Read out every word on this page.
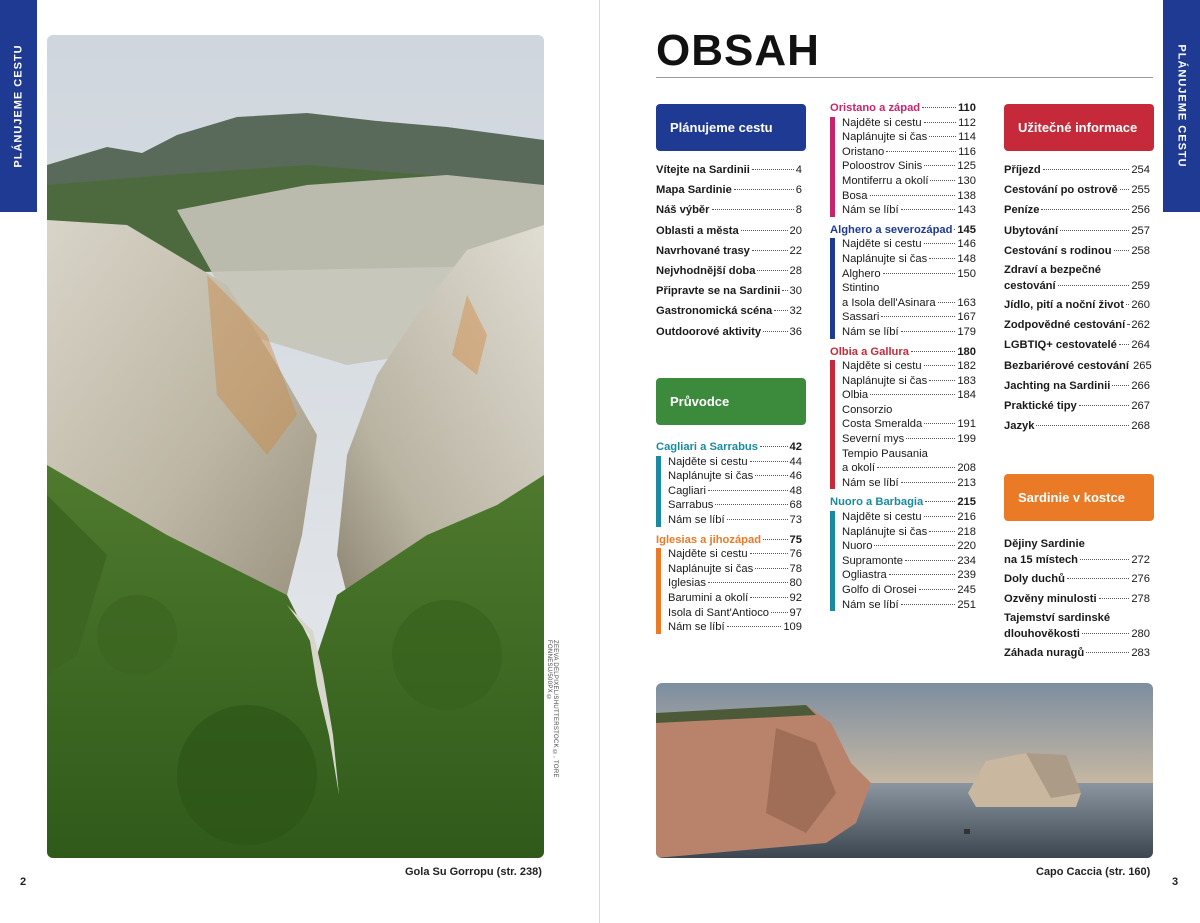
PLÁNUJEME CESTU	PLÁNUJEME CESTU
ZEEVA DELPIXEL/SHUTTERSTOCK ©, TORE FONNESU/500PX ©
Gola Su Gorropu (str. 238)
2
OBSAH
Plánujeme cestu
Vítejte na Sardinii	4
Mapa Sardinie	6
Náš výběr	8
Oblasti a města	20
Navrhované trasy	22
Nejvhodnější doba	28
Připravte se na Sardinii 30
Gastronomická scéna 32
Outdoorové aktivity	36
Průvodce
Cagliari a Sarrabus	42
Najděte si cestu	44
Naplánujte si čas	46
Cagliari	48
Sarrabus	68
Nám se líbí	73
Iglesias a jihozápad	75
Najděte si cestu	76
Naplánujte si čas	78
Iglesias	80
Barumini a okolí	92
Isola di Sant'Antioco 97
Nám se líbí	109
Oristano a západ	110
Najděte si cestu	112
Naplánujte si čas	114
Oristano	116
Poloostrov Sinis	125
Montiferru a okolí	130
Bosa	138
Nám se líbí	143
Alghero a severozápad 145
Najděte si cestu	146
Naplánujte si čas	148
Alghero	150
Stintino
a Isola dell'Asinara 163
Sassari	167
Nám se líbí	179
Olbia a Gallura	180
Najděte si cestu	182
Naplánujte si čas	183
Olbia	184
Consorzio
Costa Smeralda	191
Severní mys	199
Tempio Pausania
a okolí	208
Nám se líbí	213
Nuoro a Barbagia	215
Najděte si cestu	216
Naplánujte si čas	218
Nuoro	220
Supramonte	234
Ogliastra	239
Golfo di Orosei	245
Nám se líbí	251
Užitečné informace
Příjezd	254
Cestování po ostrově 255
Peníze	256
Ubytování	257
Cestování s rodinou 258
Zdraví a bezpečné
cestování	259
Jídlo, pití a noční život 260
Zodpovědné cestování 262
LGBTIQ+ cestovatelé 264
Bezbariérové cestování 265
Jachting na Sardinii 266
Praktické tipy	267
Jazyk	268
Sardinie v kostce
Dějiny Sardinie
na 15 místech	272
Doly duchů	276
Ozvěny minulosti	278
Tajemství sardinské
dlouhověkosti	280
Záhada nuragů	283
Capo Caccia (str. 160)
3
